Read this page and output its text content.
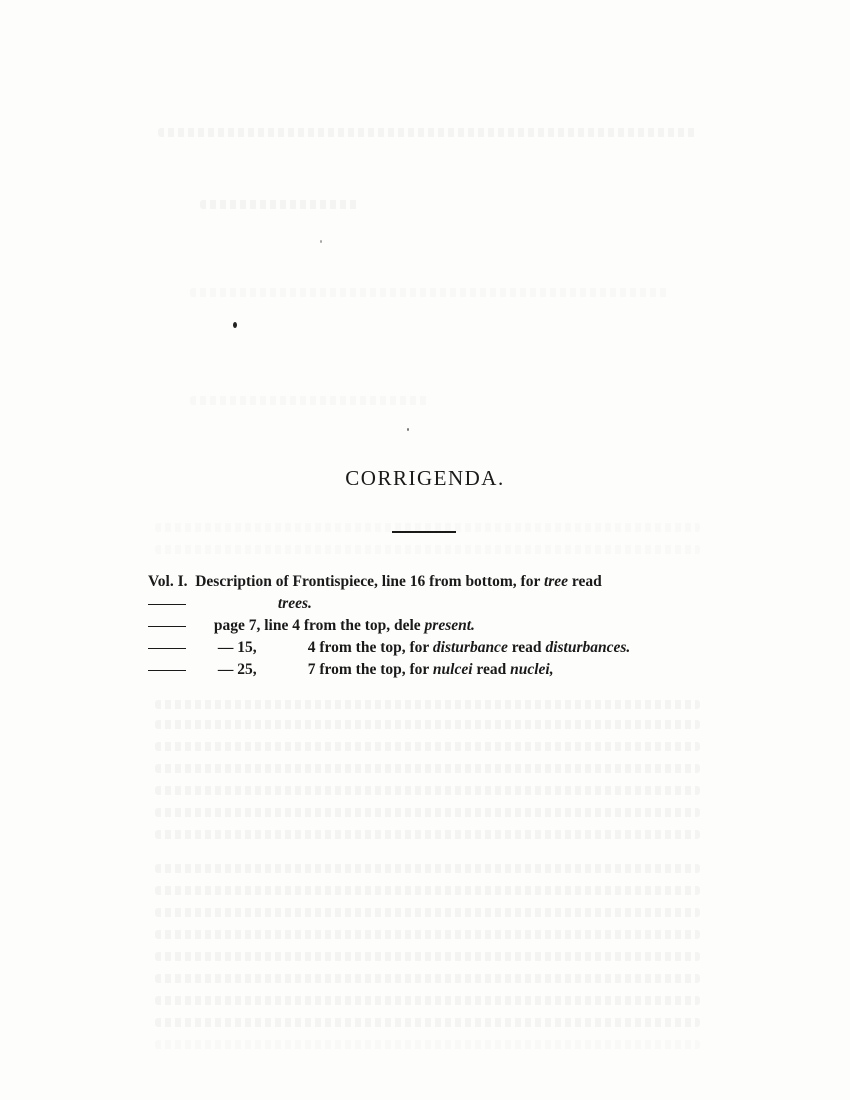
CORRIGENDA.
Vol. I. Description of Frontispiece, line 16 from bottom, for tree read
trees.
page 7, line 4 from the top, dele present.
— 15,	4 from the top, for disturbance read disturbances.
— 25,	7 from the top, for nulcei read nuclei,
